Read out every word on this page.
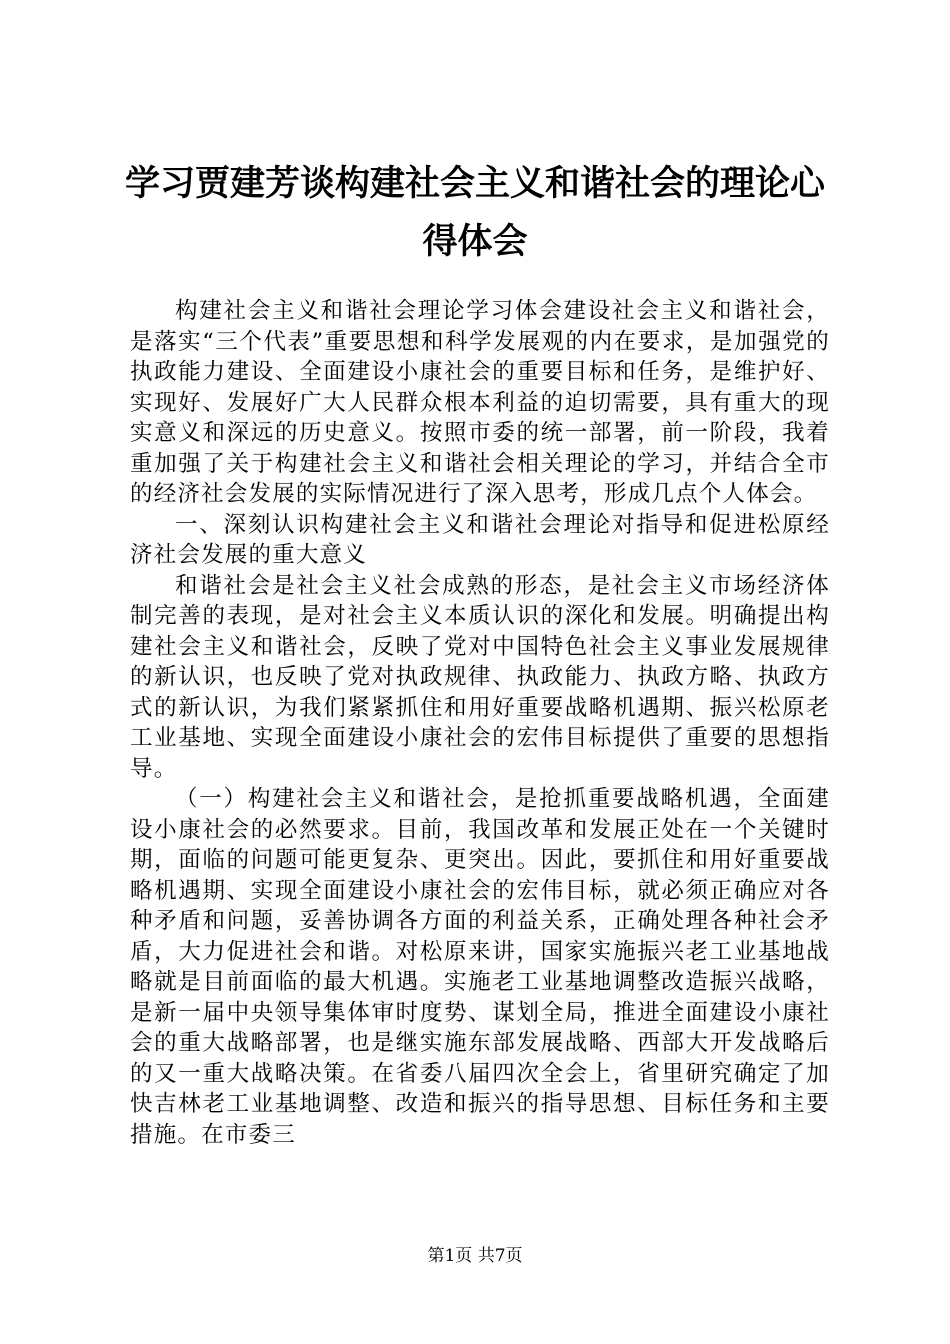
学习贾建芳谈构建社会主义和谐社会的理论心
得体会

构建社会主义和谐社会理论学习体会建设社会主义和谐社会，是落实“三个代表”重要思想和科学发展观的内在要求，是加强党的执政能力建设、全面建设小康社会的重要目标和任务，是维护好、实现好、发展好广大人民群众根本利益的迫切需要，具有重大的现实意义和深远的历史意义。按照市委的统一部署，前一阶段，我着重加强了关于构建社会主义和谐社会相关理论的学习，并结合全市的经济社会发展的实际情况进行了深入思考，形成几点个人体会。

一、深刻认识构建社会主义和谐社会理论对指导和促进松原经济社会发展的重大意义

和谐社会是社会主义社会成熟的形态，是社会主义市场经济体制完善的表现，是对社会主义本质认识的深化和发展。明确提出构建社会主义和谐社会，反映了党对中国特色社会主义事业发展规律的新认识，也反映了党对执政规律、执政能力、执政方略、执政方式的新认识，为我们紧紧抓住和用好重要战略机遇期、振兴松原老工业基地、实现全面建设小康社会的宏伟目标提供了重要的思想指导。

（一）构建社会主义和谐社会，是抢抓重要战略机遇，全面建设小康社会的必然要求。目前，我国改革和发展正处在一个关键时期，面临的问题可能更复杂、更突出。因此，要抓住和用好重要战略机遇期、实现全面建设小康社会的宏伟目标，就必须正确应对各种矛盾和问题，妥善协调各方面的利益关系，正确处理各种社会矛盾，大力促进社会和谐。对松原来讲，国家实施振兴老工业基地战略就是目前面临的最大机遇。实施老工业基地调整改造振兴战略，是新一届中央领导集体审时度势、谋划全局，推进全面建设小康社会的重大战略部署，也是继实施东部发展战略、西部大开发战略后的又一重大战略决策。在省委八届四次全会上，省里研究确定了加快吉林老工业基地调整、改造和振兴的指导思想、目标任务和主要措施。在市委三

第1页 共7页
